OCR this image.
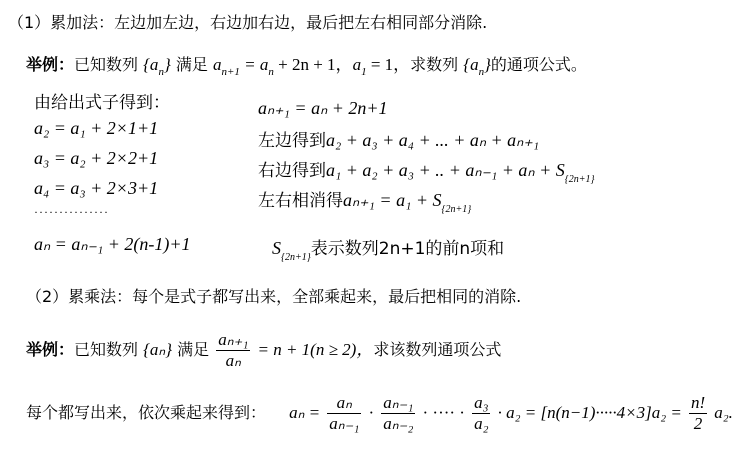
（1）累加法：左边加左边，右边加右边，最后把左右相同部分消除.
举例：已知数列 $\{a_n\}$ 满足 $a_{n+1} = a_n + 2n + 1$，$a_1 = 1$，求数列 $\{a_n\}$的通项公式。
由给出式子得到：
a₂ = a₁ + 2×1+1
a₃ = a₂ + 2×2+1
a₄ = a₃ + 2×3+1
···············
aₙ = aₙ₋₁ + 2(n-1)+1
aₙ₊₁ = aₙ + 2n+1
左边得到a₂ + a₃ + a₄ + ... + aₙ + aₙ₊₁
右边得到a₁ + a₂ + a₃ + .. + $a_{n-1} + a_n + S_{\{2n+1\}}$
左右相消得$a_{n+1} = a_1 + S_{\{2n+1\}}$
$S_{\{2n+1\}}$表示数列2n+1的前n项和
（2）累乘法：每个是式子都写出来，全部乘起来，最后把相同的消除.
举例：已知数列 {aₙ} 满足 $\frac{\text{aₙ₊₁}}{\text{aₙ}} = n + 1(n \ge 2)$，求该数列通项公式
每个都写出来，依次乘起来得到： $a_n = \frac{\text{aₙ}}{\text{aₙ₋₁}} \cdot \frac{\text{aₙ₋₁}}{\text{aₙ₋₂}}$ · ···· · $\frac{\text{a₃}}{\text{a₂}} \cdot a_2 = [n(n-1)\cdot\cdot\cdot\cdot\cdot 4\times 3]a_2 = \frac{n!}{2} a_2$.
